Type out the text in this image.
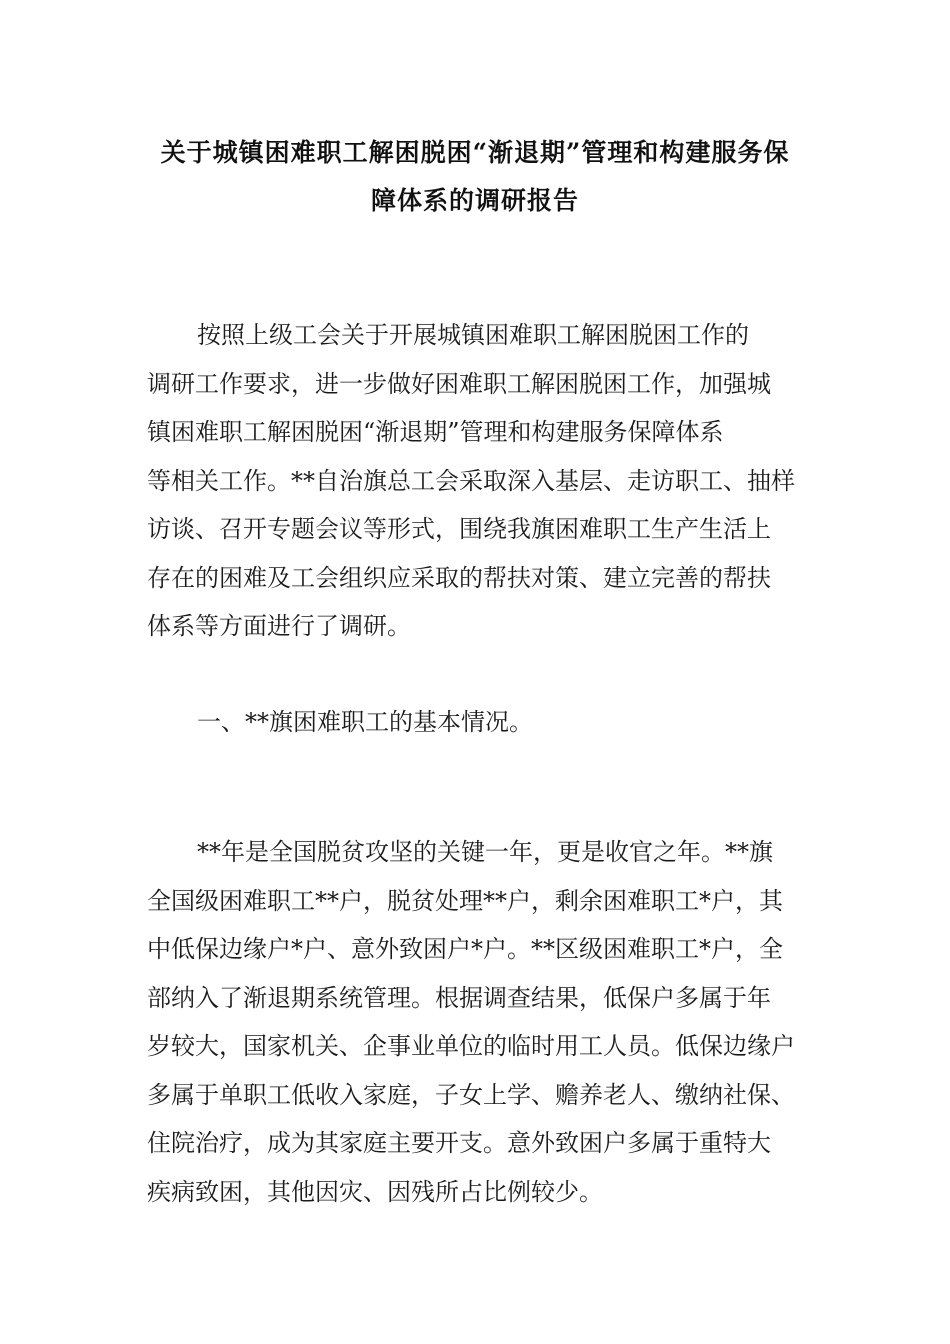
关于城镇困难职工解困脱困“渐退期”管理和构建服务保
障体系的调研报告
按照上级工会关于开展城镇困难职工解困脱困工作的
调研工作要求，进一步做好困难职工解困脱困工作，加强城
镇困难职工解困脱困“渐退期”管理和构建服务保障体系
等相关工作。**自治旗总工会采取深入基层、走访职工、抽样
访谈、召开专题会议等形式，围绕我旗困难职工生产生活上
存在的困难及工会组织应采取的帮扶对策、建立完善的帮扶
体系等方面进行了调研。
一、**旗困难职工的基本情况。
**年是全国脱贫攻坚的关键一年，更是收官之年。**旗
全国级困难职工**户，脱贫处理**户，剩余困难职工*户，其
中低保边缘户*户、意外致困户*户。**区级困难职工*户，全
部纳入了渐退期系统管理。根据调查结果，低保户多属于年
岁较大，国家机关、企事业单位的临时用工人员。低保边缘户
多属于单职工低收入家庭，子女上学、赡养老人、缴纳社保、
住院治疗，成为其家庭主要开支。意外致困户多属于重特大
疾病致困，其他因灾、因残所占比例较少。
